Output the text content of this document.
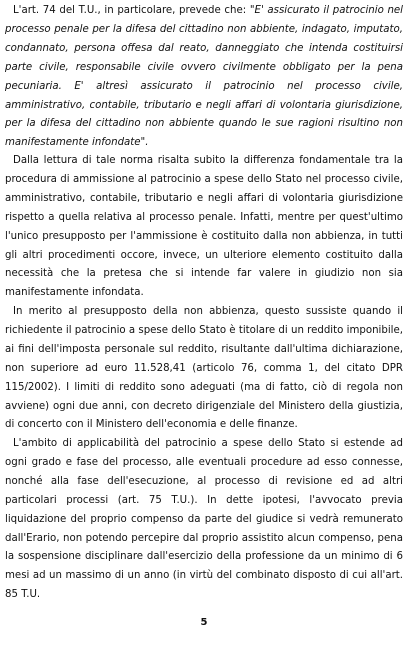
L'art. 74 del T.U., in particolare, prevede che: "E' assicurato il patrocinio nel processo penale per la difesa del cittadino non abbiente, indagato, imputato, condannato, persona offesa dal reato, danneggiato che intenda costituirsi parte civile, responsabile civile ovvero civilmente obbligato per la pena pecuniaria. E' altresì assicurato il patrocinio nel processo civile, amministrativo, contabile, tributario e negli affari di volontaria giurisdizione, per la difesa del cittadino non abbiente quando le sue ragioni risultino non manifestamente infondate".

Dalla lettura di tale norma risalta subito la differenza fondamentale tra la procedura di ammissione al patrocinio a spese dello Stato nel processo civile, amministrativo, contabile, tributario e negli affari di volontaria giurisdizione rispetto a quella relativa al processo penale. Infatti, mentre per quest'ultimo l'unico presupposto per l'ammissione è costituito dalla non abbienza, in tutti gli altri procedimenti occore, invece, un ulteriore elemento costituito dalla necessità che la pretesa che si intende far valere in giudizio non sia manifestamente infondata.

In merito al presupposto della non abbienza, questo sussiste quando il richiedente il patrocinio a spese dello Stato è titolare di un reddito imponibile, ai fini dell'imposta personale sul reddito, risultante dall'ultima dichiarazione, non superiore ad euro 11.528,41 (articolo 76, comma 1, del citato DPR 115/2002). I limiti di reddito sono adeguati (ma di fatto, ciò di regola non avviene) ogni due anni, con decreto dirigenziale del Ministero della giustizia, di concerto con il Ministero dell'economia e delle finanze.

L'ambito di applicabilità del patrocinio a spese dello Stato si estende ad ogni grado e fase del processo, alle eventuali procedure ad esso connesse, nonché alla fase dell'esecuzione, al processo di revisione ed ad altri particolari processi (art. 75 T.U.). In dette ipotesi, l'avvocato previa liquidazione del proprio compenso da parte del giudice si vedrà remunerato dall'Erario, non potendo percepire dal proprio assistito alcun compenso, pena la sospensione disciplinare dall'esercizio della professione da un minimo di 6 mesi ad un massimo di un anno (in virtù del combinato disposto di cui all'art. 85 T.U.

5
